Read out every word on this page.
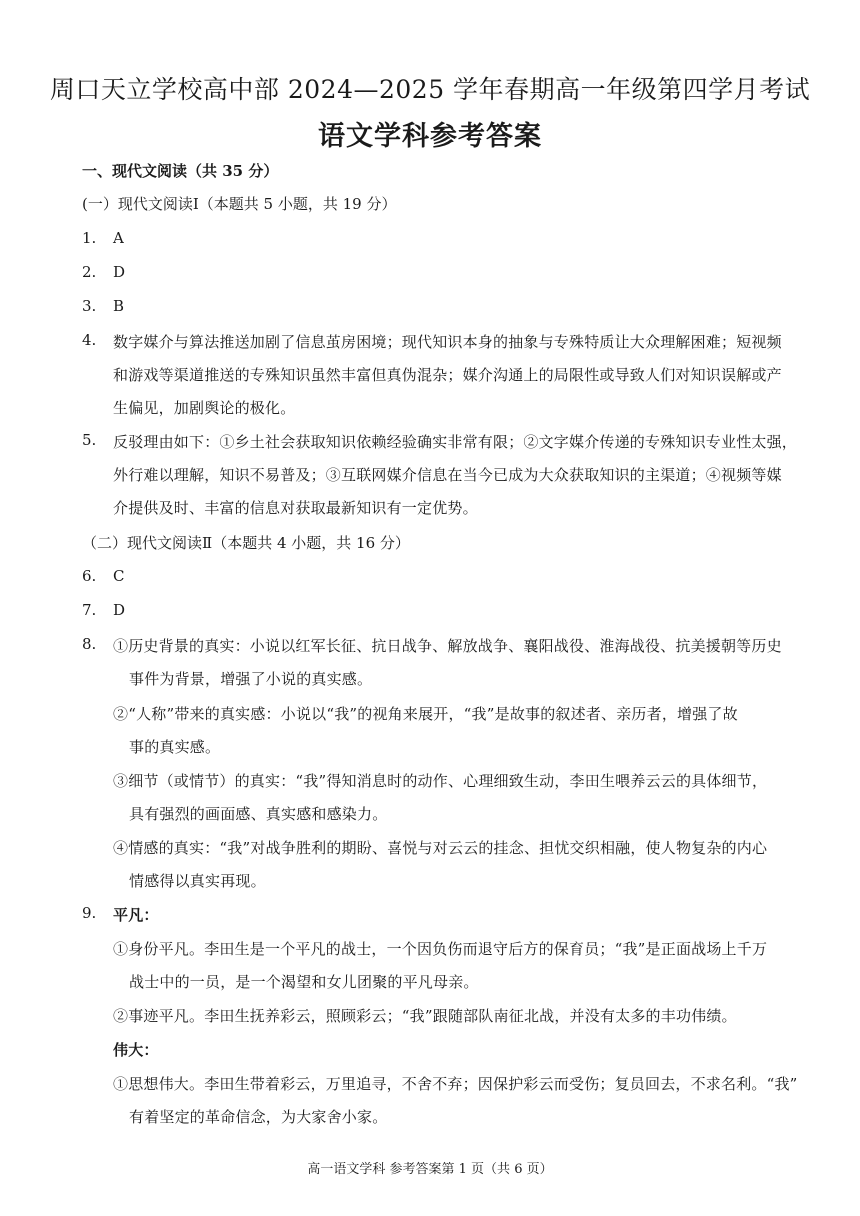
周口天立学校高中部 2024—2025 学年春期高一年级第四学月考试
语文学科参考答案
一、现代文阅读（共 35 分）
(一）现代文阅读Ⅰ（本题共 5 小题，共 19 分）
1. A
2. D
3. B
4. 数字媒介与算法推送加剧了信息茧房困境；现代知识本身的抽象与专殊特质让大众理解困难；短视频
和游戏等渠道推送的专殊知识虽然丰富但真伪混杂；媒介沟通上的局限性或导致人们对知识误解或产
生偏见，加剧舆论的极化。
5. 反驳理由如下：①乡土社会获取知识依赖经验确实非常有限；②文字媒介传递的专殊知识专业性太强，
外行难以理解，知识不易普及；③互联网媒介信息在当今已成为大众获取知识的主渠道；④视频等媒
介提供及时、丰富的信息对获取最新知识有一定优势。
（二）现代文阅读Ⅱ（本题共 4 小题，共 16 分）
6. C
7. D
8. ①历史背景的真实：小说以红军长征、抗日战争、解放战争、襄阳战役、淮海战役、抗美援朝等历史
事件为背景，增强了小说的真实感。
②“人称”带来的真实感：小说以“我”的视角来展开，“我”是故事的叙述者、亲历者，增强了故
事的真实感。
③细节（或情节）的真实：“我”得知消息时的动作、心理细致生动，李田生喂养云云的具体细节，
具有强烈的画面感、真实感和感染力。
④情感的真实：“我”对战争胜利的期盼、喜悦与对云云的挂念、担忧交织相融，使人物复杂的内心
情感得以真实再现。
9. 平凡：
①身份平凡。李田生是一个平凡的战士，一个因负伤而退守后方的保育员；“我”是正面战场上千万
战士中的一员，是一个渴望和女儿团聚的平凡母亲。
②事迹平凡。李田生抚养彩云，照顾彩云；“我”跟随部队南征北战，并没有太多的丰功伟绩。
伟大：
①思想伟大。李田生带着彩云，万里追寻，不舍不弃；因保护彩云而受伤；复员回去，不求名利。“我”
有着坚定的革命信念，为大家舍小家。
高一语文学科 参考答案第 1 页（共 6 页）
